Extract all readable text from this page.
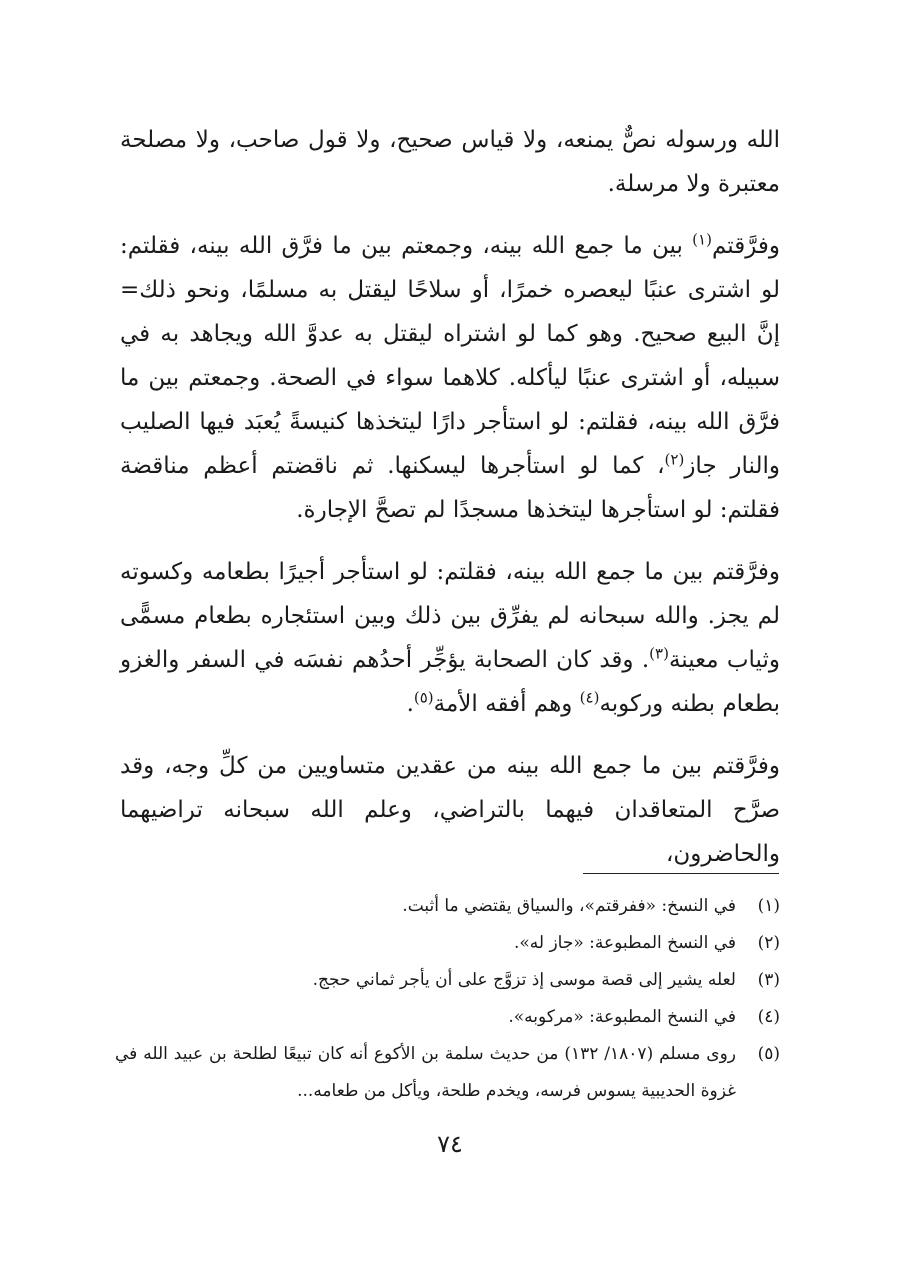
الله ورسوله نصٌّ يمنعه، ولا قياس صحيح، ولا قول صاحب، ولا مصلحة معتبرة ولا مرسلة.

وفرَّقتم$^{(١)}$ بين ما جمع الله بينه، وجمعتم بين ما فرَّق الله بينه، فقلتم: لو اشترى عنبًا ليعصره خمرًا، أو سلاحًا ليقتل به مسلمًا، ونحو ذلك= إنَّ البيع صحيح. وهو كما لو اشتراه ليقتل به عدوَّ الله ويجاهد به في سبيله، أو اشترى عنبًا ليأكله. كلاهما سواء في الصحة. وجمعتم بين ما فرَّق الله بينه، فقلتم: لو استأجر دارًا ليتخذها كنيسةً يُعبَد فيها الصليب والنار جاز$^{(٢)}$، كما لو استأجرها ليسكنها. ثم ناقضتم أعظم مناقضة فقلتم: لو استأجرها ليتخذها مسجدًا لم تصحَّ الإجارة.

وفرَّقتم بين ما جمع الله بينه، فقلتم: لو استأجر أجيرًا بطعامه وكسوته لم يجز. والله سبحانه لم يفرِّق بين ذلك وبين استئجاره بطعام مسمًّى وثياب معينة$^{(٣)}$. وقد كان الصحابة يؤجِّر أحدُهم نفسَه في السفر والغزو بطعام بطنه وركوبه$^{(٤)}$ وهم أفقه الأمة$^{(٥)}$.

وفرَّقتم بين ما جمع الله بينه من عقدين متساويين من كلِّ وجه، وقد صرَّح المتعاقدان فيهما بالتراضي، وعلم الله سبحانه تراضيهما والحاضرون،

(١)
في النسخ: «ففرقتم»، والسياق يقتضي ما أثبت.
(٢)
في النسخ المطبوعة: «جاز له».
(٣)
لعله يشير إلى قصة موسى إذ تزوَّج على أن يأجر ثماني حجج.
(٤)
في النسخ المطبوعة: «مركوبه».
(٥)
روى مسلم (١٨٠٧/ ١٣٢) من حديث سلمة بن الأكوع أنه كان تبيعًا لطلحة بن عبيد الله في غزوة الحديبية يسوس فرسه، ويخدم طلحة، ويأكل من طعامه...
٧٤
